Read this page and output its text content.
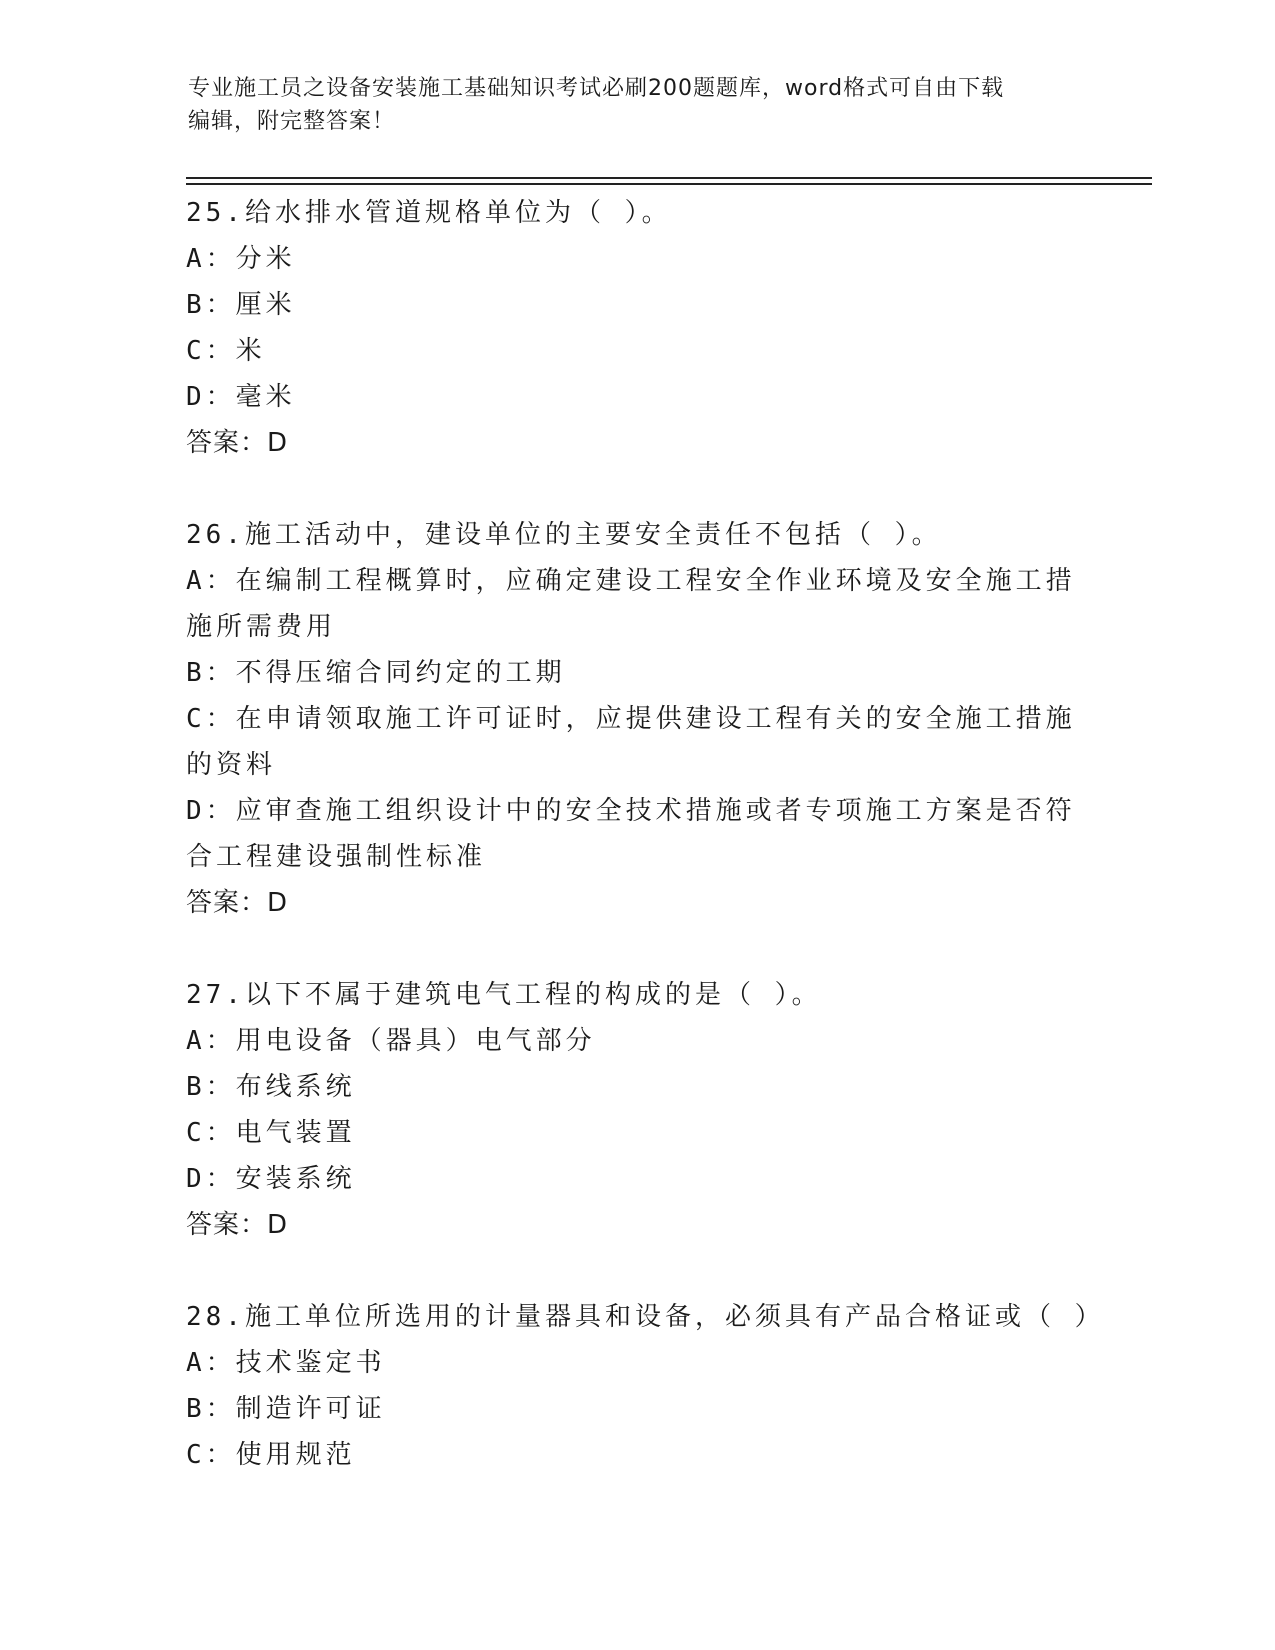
专业施工员之设备安装施工基础知识考试必刷200题题库，word格式可自由下载
编辑，附完整答案！
25.给水排水管道规格单位为（ ）。
A：分米
B：厘米
C：米
D：毫米
答案：D
26.施工活动中，建设单位的主要安全责任不包括（ ）。
A：在编制工程概算时，应确定建设工程安全作业环境及安全施工措施所需费用
B：不得压缩合同约定的工期
C：在申请领取施工许可证时，应提供建设工程有关的安全施工措施的资料
D：应审查施工组织设计中的安全技术措施或者专项施工方案是否符合工程建设强制性标准
答案：D
27.以下不属于建筑电气工程的构成的是（ ）。
A：用电设备（器具）电气部分
B：布线系统
C：电气装置
D：安装系统
答案：D
28.施工单位所选用的计量器具和设备，必须具有产品合格证或（ ）
A：技术鉴定书
B：制造许可证
C：使用规范
